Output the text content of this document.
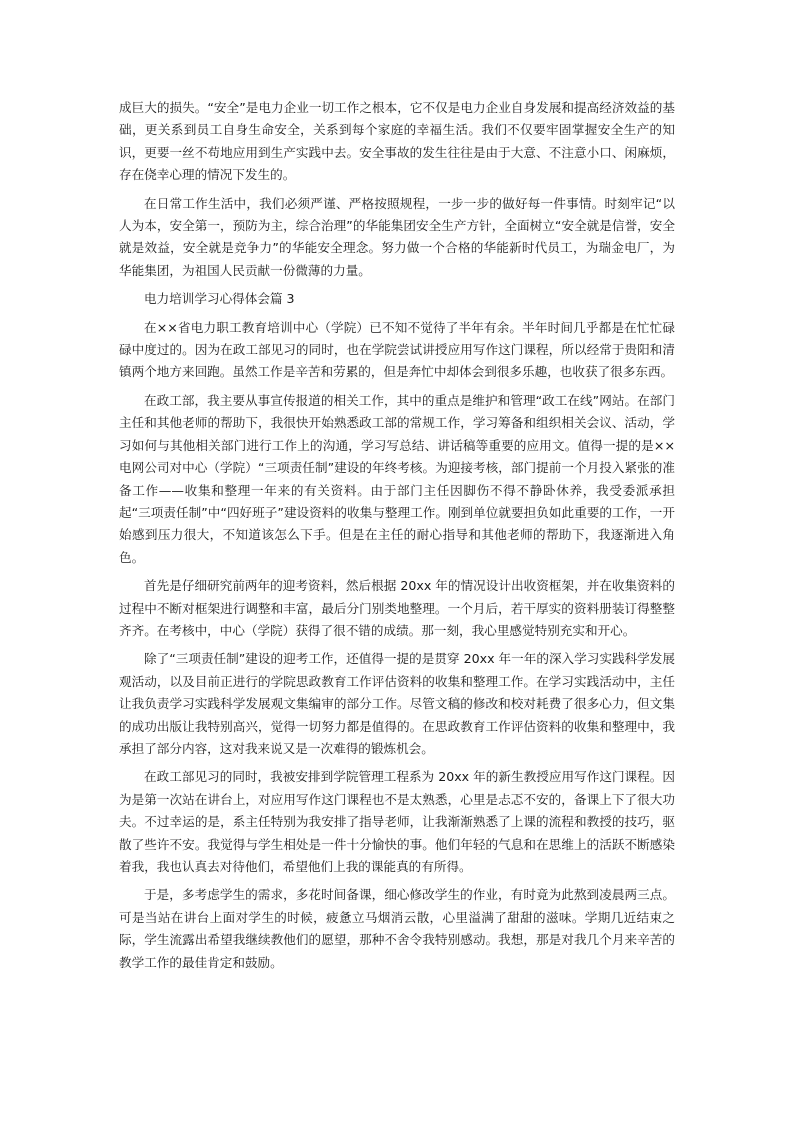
成巨大的损失。“安全”是电力企业一切工作之根本，它不仅是电力企业自身发展和提高经济效益的基础，更关系到员工自身生命安全，关系到每个家庭的幸福生活。我们不仅要牢固掌握安全生产的知识，更要一丝不苟地应用到生产实践中去。安全事故的发生往往是由于大意、不注意小口、闲麻烦，存在侥幸心理的情况下发生的。

在日常工作生活中，我们必须严谨、严格按照规程，一步一步的做好每一件事情。时刻牢记“以人为本，安全第一，预防为主，综合治理”的华能集团安全生产方针，全面树立“安全就是信誉，安全就是效益，安全就是竞争力”的华能安全理念。努力做一个合格的华能新时代员工，为瑞金电厂，为华能集团，为祖国人民贡献一份微薄的力量。

电力培训学习心得体会篇 3

在××省电力职工教育培训中心（学院）已不知不觉待了半年有余。半年时间几乎都是在忙忙碌碌中度过的。因为在政工部见习的同时，也在学院尝试讲授应用写作这门课程，所以经常于贵阳和清镇两个地方来回跑。虽然工作是辛苦和劳累的，但是奔忙中却体会到很多乐趣，也收获了很多东西。

在政工部，我主要从事宣传报道的相关工作，其中的重点是维护和管理“政工在线”网站。在部门主任和其他老师的帮助下，我很快开始熟悉政工部的常规工作，学习筹备和组织相关会议、活动，学习如何与其他相关部门进行工作上的沟通，学习写总结、讲话稿等重要的应用文。值得一提的是××电网公司对中心（学院）“三项责任制”建设的年终考核。为迎接考核，部门提前一个月投入紧张的准备工作——收集和整理一年来的有关资料。由于部门主任因脚伤不得不静卧休养，我受委派承担起“三项责任制”中“四好班子”建设资料的收集与整理工作。刚到单位就要担负如此重要的工作，一开始感到压力很大，不知道该怎么下手。但是在主任的耐心指导和其他老师的帮助下，我逐渐进入角色。

首先是仔细研究前两年的迎考资料，然后根据 20xx 年的情况设计出收资框架，并在收集资料的过程中不断对框架进行调整和丰富，最后分门别类地整理。一个月后，若干厚实的资料册装订得整整齐齐。在考核中，中心（学院）获得了很不错的成绩。那一刻，我心里感觉特别充实和开心。

除了“三项责任制”建设的迎考工作，还值得一提的是贯穿 20xx 年一年的深入学习实践科学发展观活动，以及目前正进行的学院思政教育工作评估资料的收集和整理工作。在学习实践活动中，主任让我负责学习实践科学发展观文集编审的部分工作。尽管文稿的修改和校对耗费了很多心力，但文集的成功出版让我特别高兴，觉得一切努力都是值得的。在思政教育工作评估资料的收集和整理中，我承担了部分内容，这对我来说又是一次难得的锻炼机会。

在政工部见习的同时，我被安排到学院管理工程系为 20xx 年的新生教授应用写作这门课程。因为是第一次站在讲台上，对应用写作这门课程也不是太熟悉，心里是忐忑不安的，备课上下了很大功夫。不过幸运的是，系主任特别为我安排了指导老师，让我渐渐熟悉了上课的流程和教授的技巧，驱散了些许不安。我觉得与学生相处是一件十分愉快的事。他们年轻的气息和在思维上的活跃不断感染着我，我也认真去对待他们，希望他们上我的课能真的有所得。

于是，多考虑学生的需求，多花时间备课，细心修改学生的作业，有时竟为此熬到凌晨两三点。可是当站在讲台上面对学生的时候，疲惫立马烟消云散，心里溢满了甜甜的滋味。学期几近结束之际，学生流露出希望我继续教他们的愿望，那种不舍令我特别感动。我想，那是对我几个月来辛苦的教学工作的最佳肯定和鼓励。
